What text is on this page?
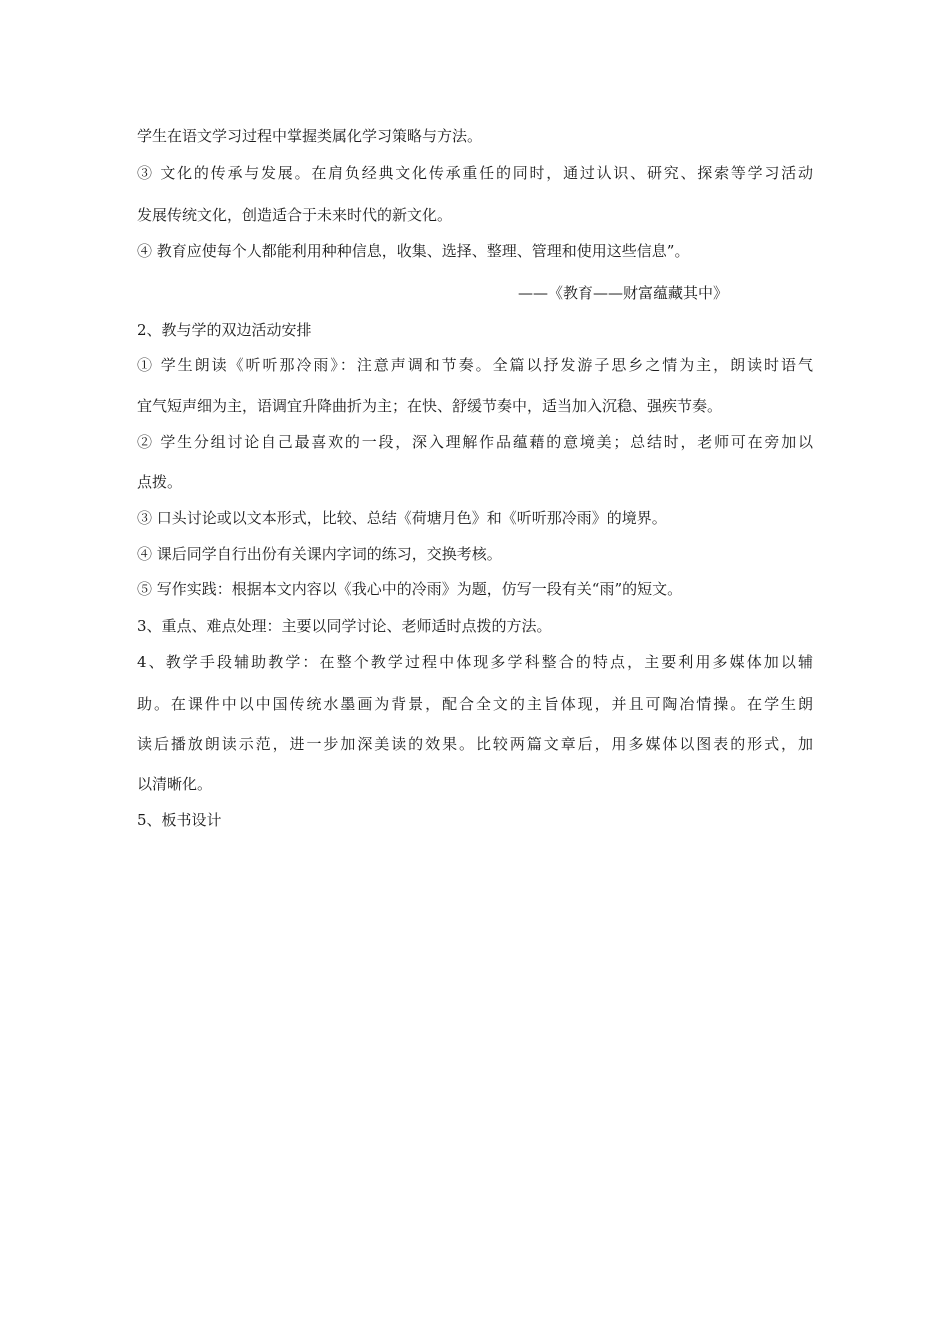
学生在语文学习过程中掌握类属化学习策略与方法。
③ 文化的传承与发展。在肩负经典文化传承重任的同时，通过认识、研究、探索等学习活动
发展传统文化，创造适合于未来时代的新文化。
④ 教育应使每个人都能利用种种信息，收集、选择、整理、管理和使用这些信息”。
——《教育——财富蕴藏其中》
2、教与学的双边活动安排
① 学生朗读《听听那冷雨》：注意声调和节奏。全篇以抒发游子思乡之情为主，朗读时语气
宜气短声细为主，语调宜升降曲折为主；在快、舒缓节奏中，适当加入沉稳、强疾节奏。
② 学生分组讨论自己最喜欢的一段，深入理解作品蕴藉的意境美；总结时，老师可在旁加以
点拨。
③ 口头讨论或以文本形式，比较、总结《荷塘月色》和《听听那冷雨》的境界。
④ 课后同学自行出份有关课内字词的练习，交换考核。
⑤ 写作实践：根据本文内容以《我心中的冷雨》为题，仿写一段有关“雨”的短文。
3、重点、难点处理：主要以同学讨论、老师适时点拨的方法。
4、教学手段辅助教学：在整个教学过程中体现多学科整合的特点，主要利用多媒体加以辅
助。在课件中以中国传统水墨画为背景，配合全文的主旨体现，并且可陶冶情操。在学生朗
读后播放朗读示范，进一步加深美读的效果。比较两篇文章后，用多媒体以图表的形式，加
以清晰化。
5、板书设计
